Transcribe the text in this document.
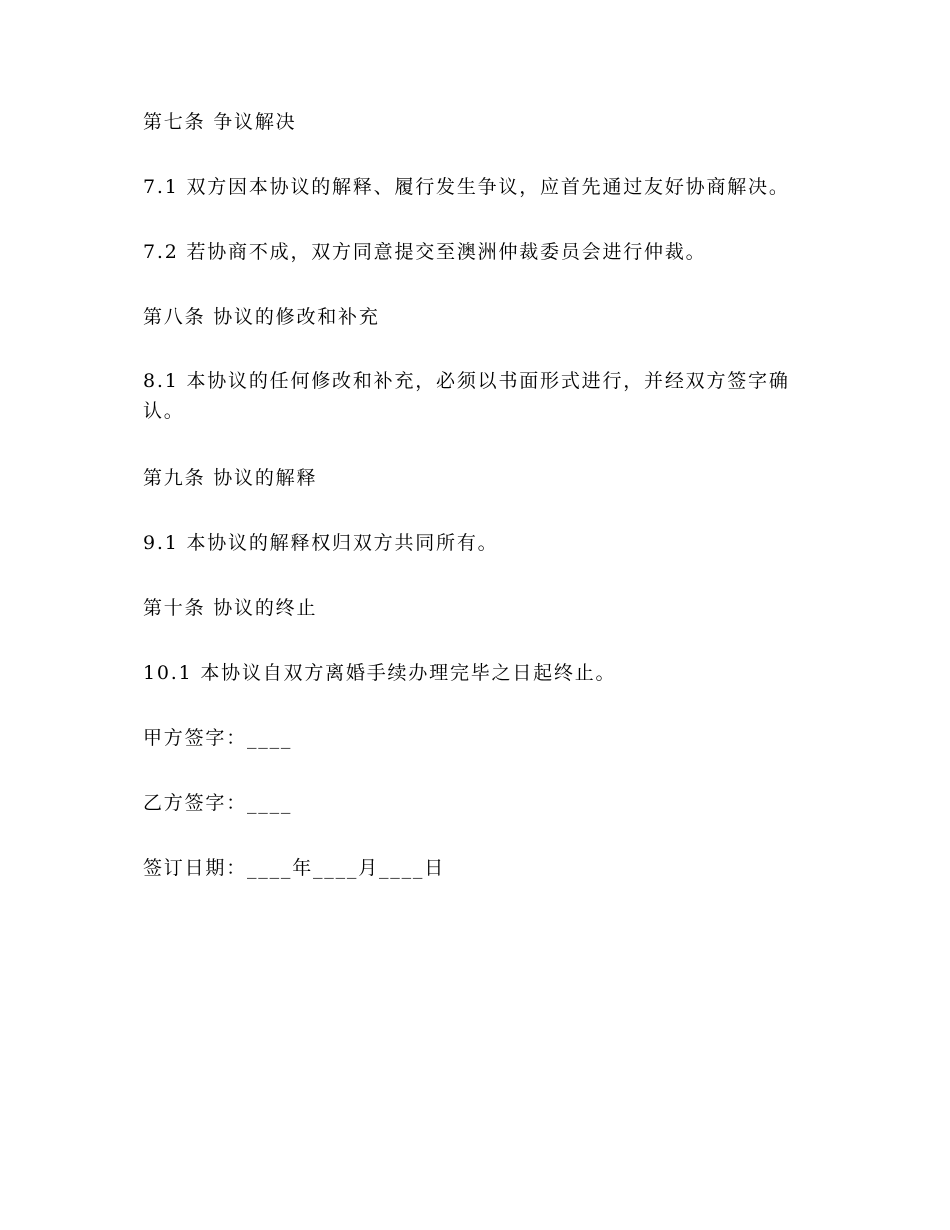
第七条 争议解决
7.1 双方因本协议的解释、履行发生争议，应首先通过友好协商解决。
7.2 若协商不成，双方同意提交至澳洲仲裁委员会进行仲裁。
第八条 协议的修改和补充
8.1 本协议的任何修改和补充，必须以书面形式进行，并经双方签字确认。
第九条 协议的解释
9.1 本协议的解释权归双方共同所有。
第十条 协议的终止
10.1 本协议自双方离婚手续办理完毕之日起终止。
甲方签字：____
乙方签字：____
签订日期：____年____月____日
